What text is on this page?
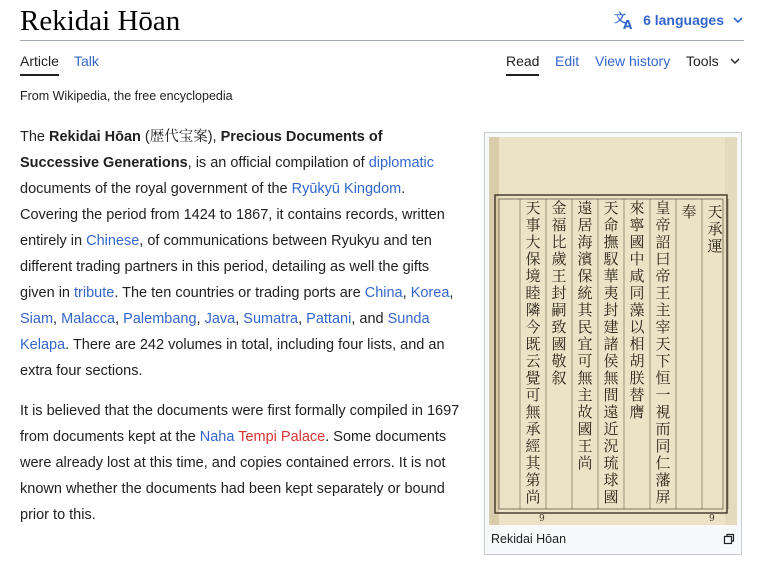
Rekidai Hōan	文
A 6 languages
Article Talk	Read Edit View history Tools
From Wikipedia, the free encyclopedia

The Rekidai Hōan (歴代宝案), Precious Documents of Successive Generations, is an official compilation of diplomatic documents of the royal government of the Ryūkyū Kingdom. Covering the period from 1424 to 1867, it contains records, written entirely in Chinese, of communications between Ryukyu and ten different trading partners in this period, detailing as well the gifts given in tribute. The ten countries or trading ports are China, Korea, Siam, Malacca, Palembang, Java, Sumatra, Pattani, and Sunda Kelapa. There are 242 volumes in total, including four lists, and an extra four sections.

It is believed that the documents were first formally compiled in 1697 from documents kept at the Naha Tempi Palace. Some documents were already lost at this time, and copies contained errors. It is not known whether the documents had been kept separately or bound prior to this.

天
承
運
奉
皇
帝
詔
曰
帝
王
主
宰
天
下
恒
一
視
而
同
仁
藩
屏
來
寧
國
中
咸
同
藻
以
相
胡
朕
替
膺
天
命
撫
馭
華
夷
封
建
諸
侯
無
間
遠
近
況
琉
球
國
遠
居
海
濱
保
統
其
民
宜
可
無
主
故
國
王
尚
金
福
比
歲
王
封
嗣
致
國
敬
叙
天
事
大
保
境
睦
隣
今
既
云
覺
可
無
承
經
其
第
尚
9	9
Rekidai Hōan
